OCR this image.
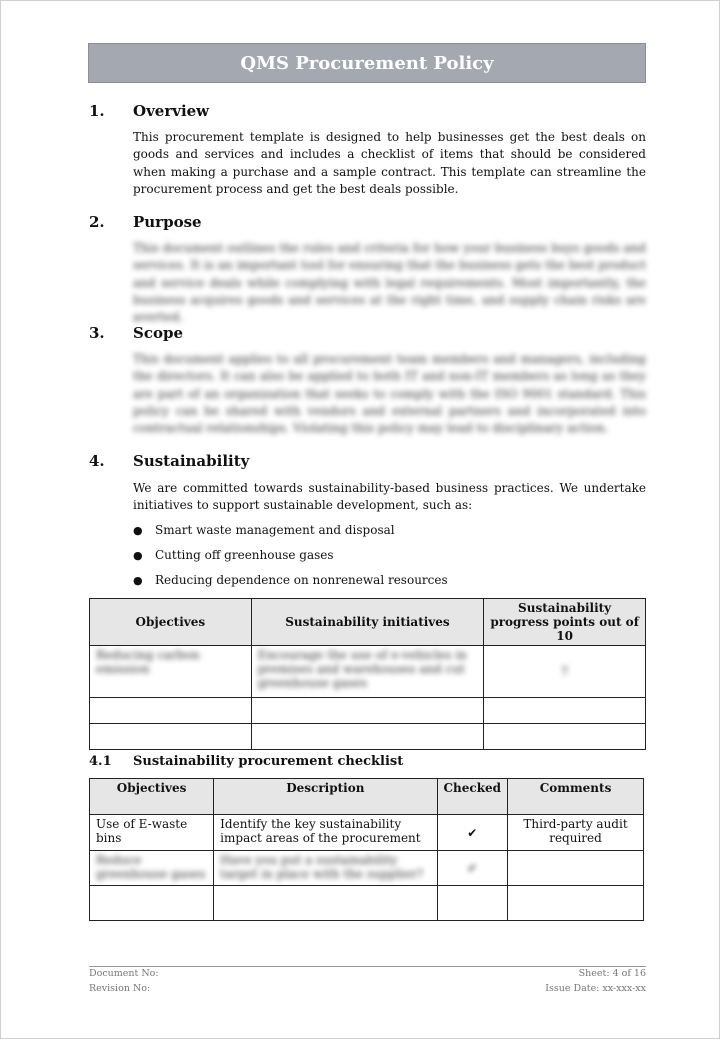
QMS Procurement Policy
1. Overview
This procurement template is designed to help businesses get the best deals on goods and services and includes a checklist of items that should be considered when making a purchase and a sample contract. This template can streamline the procurement process and get the best deals possible.
2. Purpose
This document outlines the rules and criteria for how your business buys goods and services. It is an important tool for ensuring that the business gets the best product and service deals while complying with legal requirements. Most importantly, the business acquires goods and services at the right time, and supply chain risks are averted.
3. Scope
This document applies to all procurement team members and managers, including the directors. It can also be applied to both IT and non-IT members as long as they are part of an organization that seeks to comply with the ISO 9001 standard. This policy can be shared with vendors and external partners and incorporated into contractual relationships. Violating this policy may lead to disciplinary action.
4. Sustainability
We are committed towards sustainability-based business practices. We undertake initiatives to support sustainable development, such as:
●	Smart waste management and disposal
●	Cutting off greenhouse gases
●	Reducing dependence on nonrenewal resources
Objectives	Sustainability initiatives	Sustainability progress points out of 10
Reducing carbon emission	Encourage the use of e-vehicles in premises and warehouses and cut greenhouse gases	7

4.1 Sustainability procurement checklist
Objectives	Description	Checked	Comments
Use of E-waste bins	Identify the key sustainability impact areas of the procurement	✔	Third-party audit required
Reduce greenhouse gases	Have you put a sustainability target in place with the supplier?	✔	

Document No:
Revision No:
Sheet: 4 of 16
Issue Date: xx-xxx-xx
